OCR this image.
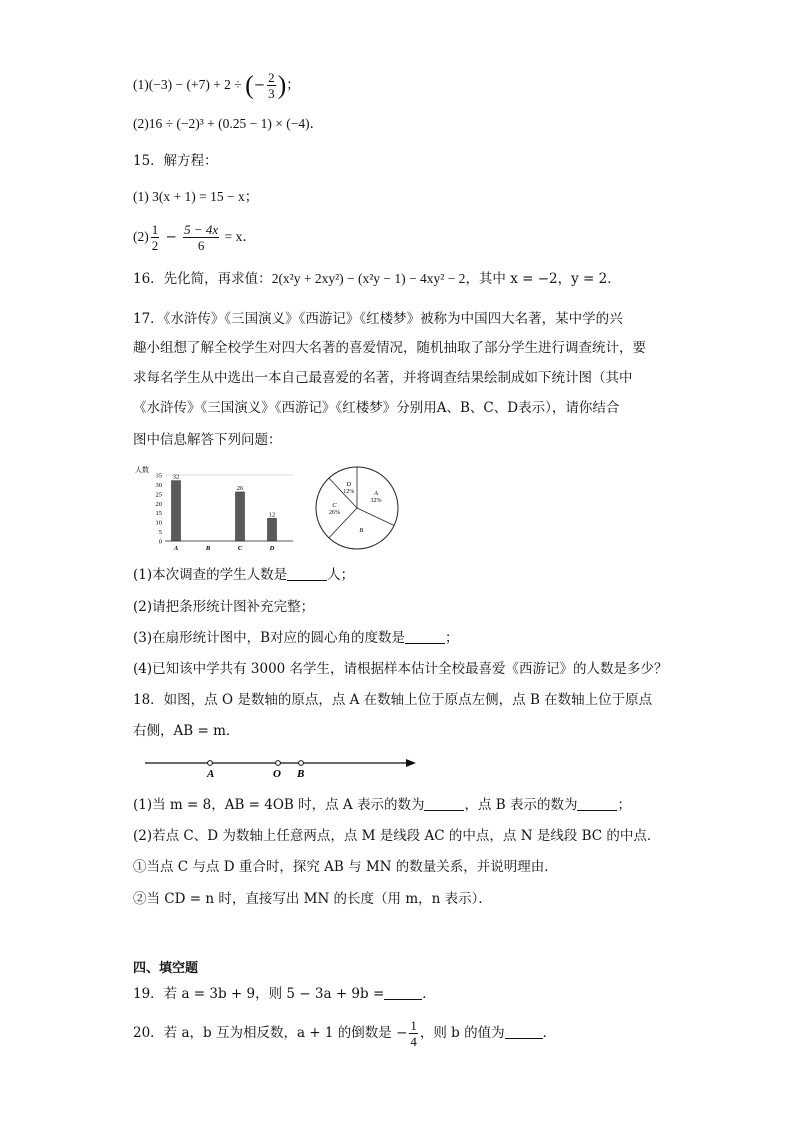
(1)(−3) − (+7) + 2 ÷ (− $\frac{2}{3}$ )；
(2)16 ÷ (−2)³ + (0.25 − 1) × (−4)．
15．解方程：
(1) 3(x + 1) = 15 − x；
$(2) \frac{1}{2} - \frac{5 - 4x}{6} = x$．
16．先化简，再求值：2(x²y + 2xy²) − (x²y − 1) − 4xy² − 2，其中 x = −2，y = 2．
17．《水浒传》《三国演义》《西游记》《红楼梦》被称为中国四大名著，某中学的兴
趣小组想了解全校学生对四大名著的喜爱情况，随机抽取了部分学生进行调查统计，要
求每名学生从中选出一本自己最喜爱的名著，并将调查结果绘制成如下统计图（其中
《水浒传》《三国演义》《西游记》《红楼梦》分别用A、B、C、D表示），请你结合
图中信息解答下列问题：
人数
0
5
10
15
20
25
30
35
A
32
B	C
26
D
12
A
32%
B
C
26%
D
12%
(1)本次调查的学生人数是	人；
(2)请把条形统计图补充完整；
(3)在扇形统计图中，B对应的圆心角的度数是	；
(4)已知该中学共有 3000 名学生，请根据样本估计全校最喜爱《西游记》的人数是多少？
18．如图，点 O 是数轴的原点，点 A 在数轴上位于原点左侧，点 B 在数轴上位于原点
右侧，AB = m．
A	O B
(1)当 m = 8，AB = 4OB 时，点 A 表示的数为	，点 B 表示的数为	；
(2)若点 C、D 为数轴上任意两点，点 M 是线段 AC 的中点，点 N 是线段 BC 的中点．
①当点 C 与点 D 重合时，探究 AB 与 MN 的数量关系，并说明理由．
②当 CD = n 时，直接写出 MN 的长度（用 m，n 表示）．
四、填空题
19．若 a = 3b + 9，则 5 − 3a + 9b =	．
20．若 a，b 互为相反数，a + 1 的倒数是 − $\frac{1}{4}$ ，则 b 的值为	．
